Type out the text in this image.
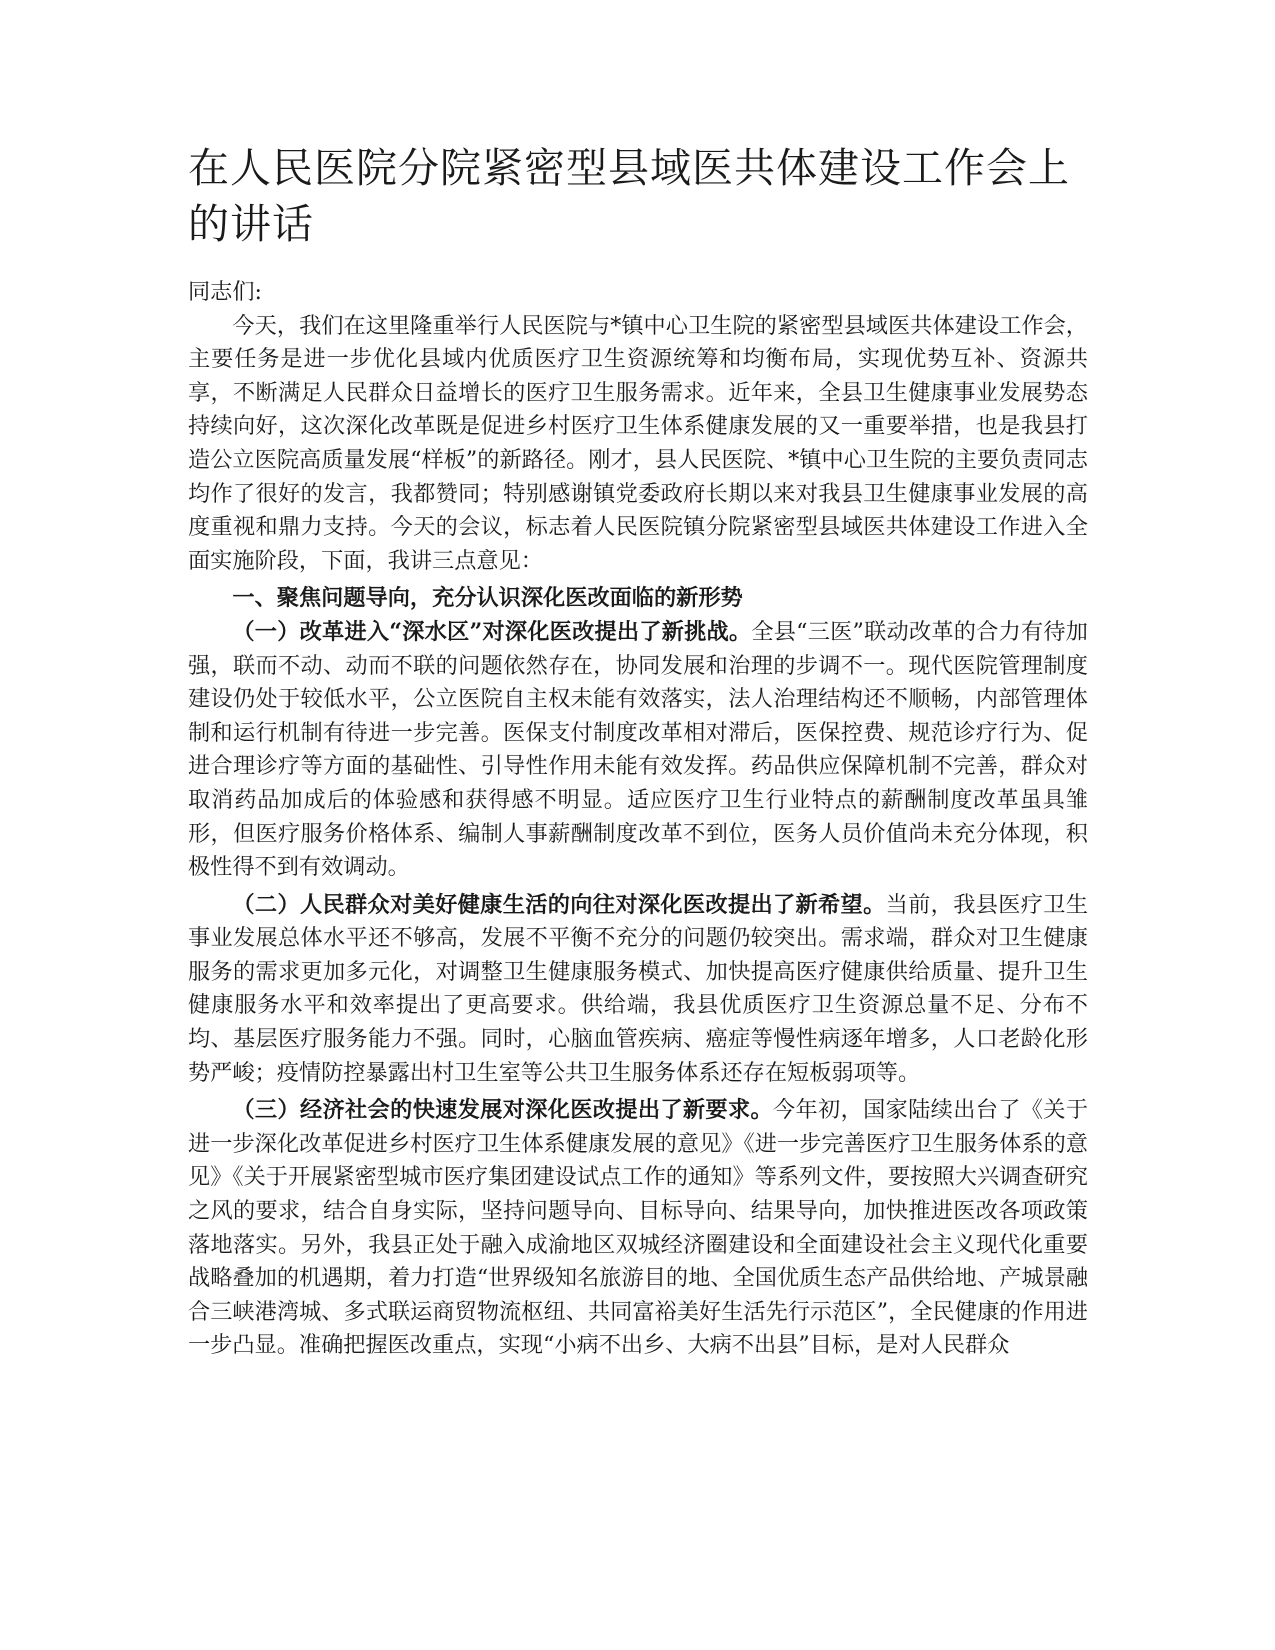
在人民医院分院紧密型县域医共体建设工作会上的讲话

同志们:

今天，我们在这里隆重举行人民医院与*镇中心卫生院的紧密型县域医共体建设工作会，主要任务是进一步优化县域内优质医疗卫生资源统筹和均衡布局，实现优势互补、资源共享，不断满足人民群众日益增长的医疗卫生服务需求。近年来，全县卫生健康事业发展势态持续向好，这次深化改革既是促进乡村医疗卫生体系健康发展的又一重要举措，也是我县打造公立医院高质量发展“样板”的新路径。刚才，县人民医院、*镇中心卫生院的主要负责同志均作了很好的发言，我都赞同；特别感谢镇党委政府长期以来对我县卫生健康事业发展的高度重视和鼎力支持。今天的会议，标志着人民医院镇分院紧密型县域医共体建设工作进入全面实施阶段，下面，我讲三点意见：

一、聚焦问题导向，充分认识深化医改面临的新形势

（一）改革进入“深水区”对深化医改提出了新挑战。全县“三医”联动改革的合力有待加强，联而不动、动而不联的问题依然存在，协同发展和治理的步调不一。现代医院管理制度建设仍处于较低水平，公立医院自主权未能有效落实，法人治理结构还不顺畅，内部管理体制和运行机制有待进一步完善。医保支付制度改革相对滞后，医保控费、规范诊疗行为、促进合理诊疗等方面的基础性、引导性作用未能有效发挥。药品供应保障机制不完善，群众对取消药品加成后的体验感和获得感不明显。适应医疗卫生行业特点的薪酬制度改革虽具雏形，但医疗服务价格体系、编制人事薪酬制度改革不到位，医务人员价值尚未充分体现，积极性得不到有效调动。

（二）人民群众对美好健康生活的向往对深化医改提出了新希望。当前，我县医疗卫生事业发展总体水平还不够高，发展不平衡不充分的问题仍较突出。需求端，群众对卫生健康服务的需求更加多元化，对调整卫生健康服务模式、加快提高医疗健康供给质量、提升卫生健康服务水平和效率提出了更高要求。供给端，我县优质医疗卫生资源总量不足、分布不均、基层医疗服务能力不强。同时，心脑血管疾病、癌症等慢性病逐年增多，人口老龄化形势严峻；疫情防控暴露出村卫生室等公共卫生服务体系还存在短板弱项等。

（三）经济社会的快速发展对深化医改提出了新要求。今年初，国家陆续出台了《关于进一步深化改革促进乡村医疗卫生体系健康发展的意见》《进一步完善医疗卫生服务体系的意见》《关于开展紧密型城市医疗集团建设试点工作的通知》等系列文件，要按照大兴调查研究之风的要求，结合自身实际，坚持问题导向、目标导向、结果导向，加快推进医改各项政策落地落实。另外，我县正处于融入成渝地区双城经济圈建设和全面建设社会主义现代化重要战略叠加的机遇期，着力打造“世界级知名旅游目的地、全国优质生态产品供给地、产城景融合三峡港湾城、多式联运商贸物流枢纽、共同富裕美好生活先行示范区”，全民健康的作用进一步凸显。准确把握医改重点，实现“小病不出乡、大病不出县”目标，是对人民群众
